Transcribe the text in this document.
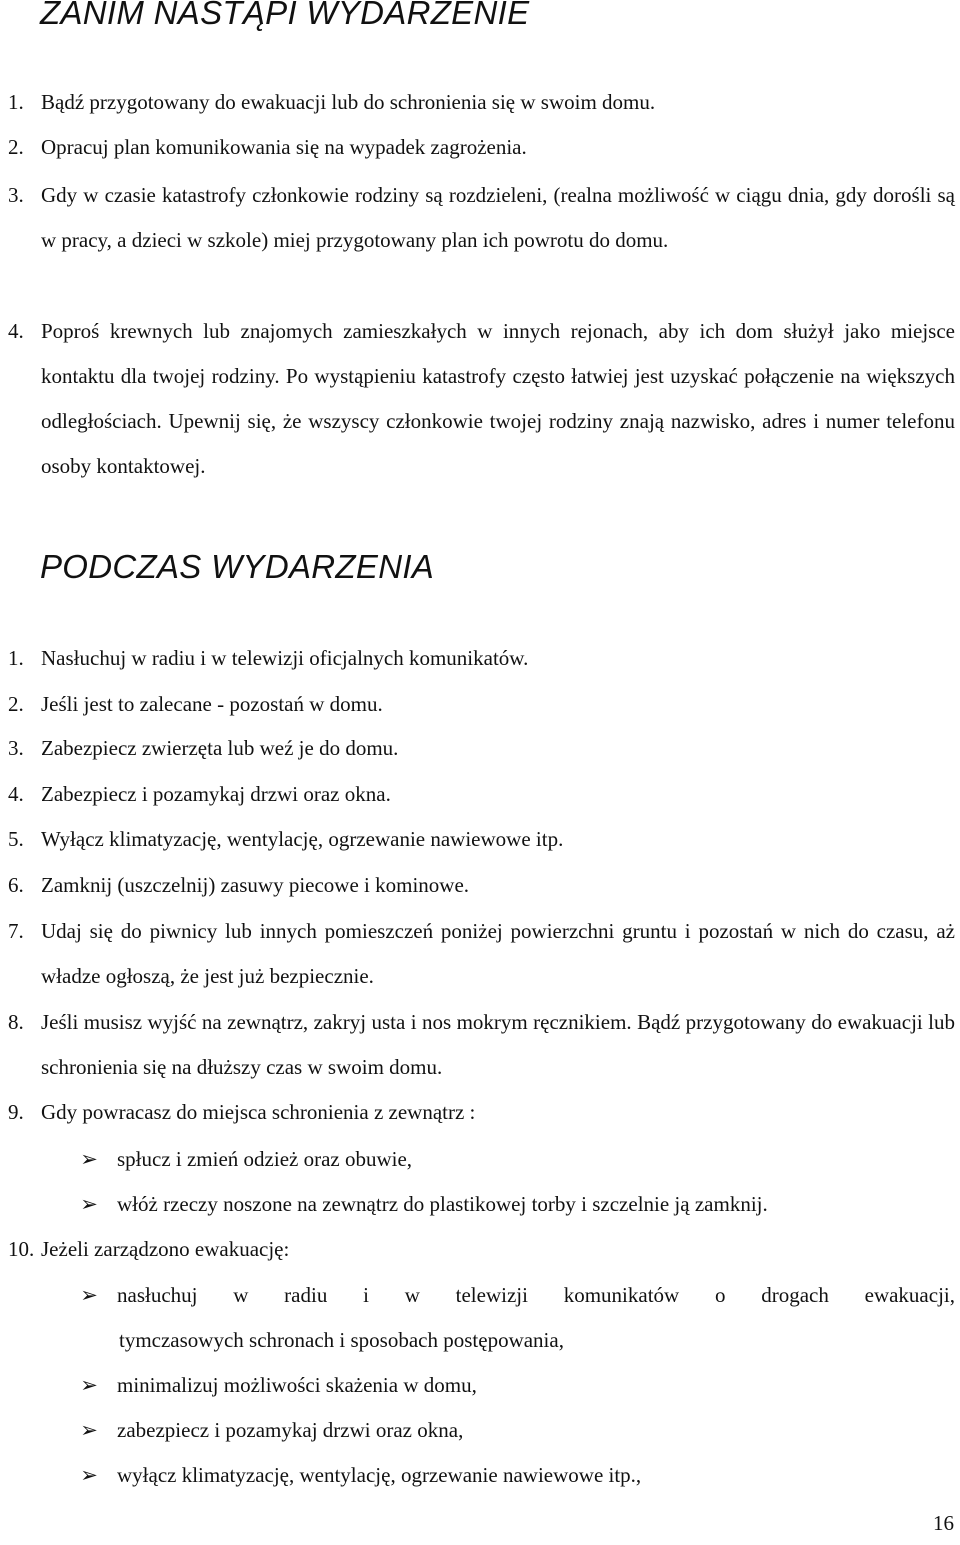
ZANIM NASTĄPI WYDARZENIE
1. Bądź przygotowany do ewakuacji lub do schronienia się w swoim domu.
2. Opracuj plan komunikowania się na wypadek zagrożenia.
3. Gdy w czasie katastrofy członkowie rodziny są rozdzieleni, (realna możliwość w ciągu dnia, gdy dorośli są w pracy, a dzieci w szkole) miej przygotowany plan ich powrotu do domu.
4. Poproś krewnych lub znajomych zamieszkałych w innych rejonach, aby ich dom służył jako miejsce kontaktu dla twojej rodziny. Po wystąpieniu katastrofy często łatwiej jest uzyskać połączenie na większych odległościach. Upewnij się, że wszyscy członkowie twojej rodziny znają nazwisko, adres i numer telefonu osoby kontaktowej.
PODCZAS WYDARZENIA
1. Nasłuchuj w radiu i w telewizji oficjalnych komunikatów.
2. Jeśli jest to zalecane - pozostań w domu.
3. Zabezpiecz zwierzęta lub weź je do domu.
4. Zabezpiecz i pozamykaj drzwi oraz okna.
5. Wyłącz klimatyzację, wentylację, ogrzewanie nawiewowe itp.
6. Zamknij (uszczelnij) zasuwy piecowe i kominowe.
7. Udaj się do piwnicy lub innych pomieszczeń poniżej powierzchni gruntu i pozostań w nich do czasu, aż władze ogłoszą, że jest już bezpiecznie.
8. Jeśli musisz wyjść na zewnątrz, zakryj usta i nos mokrym ręcznikiem. Bądź przygotowany do ewakuacji lub schronienia się na dłuższy czas w swoim domu.
9. Gdy powracasz do miejsca schronienia z zewnątrz :
➢ spłucz i zmień odzież oraz obuwie,
➢ włóż rzeczy noszone na zewnątrz do plastikowej torby i szczelnie ją zamknij.
10. Jeżeli zarządzono ewakuację:
➢ nasłuchuj w radiu i w telewizji komunikatów o drogach ewakuacji,
tymczasowych schronach i sposobach postępowania,
➢ minimalizuj możliwości skażenia w domu,
➢ zabezpiecz i pozamykaj drzwi oraz okna,
➢ wyłącz klimatyzację, wentylację, ogrzewanie nawiewowe itp.,
16
